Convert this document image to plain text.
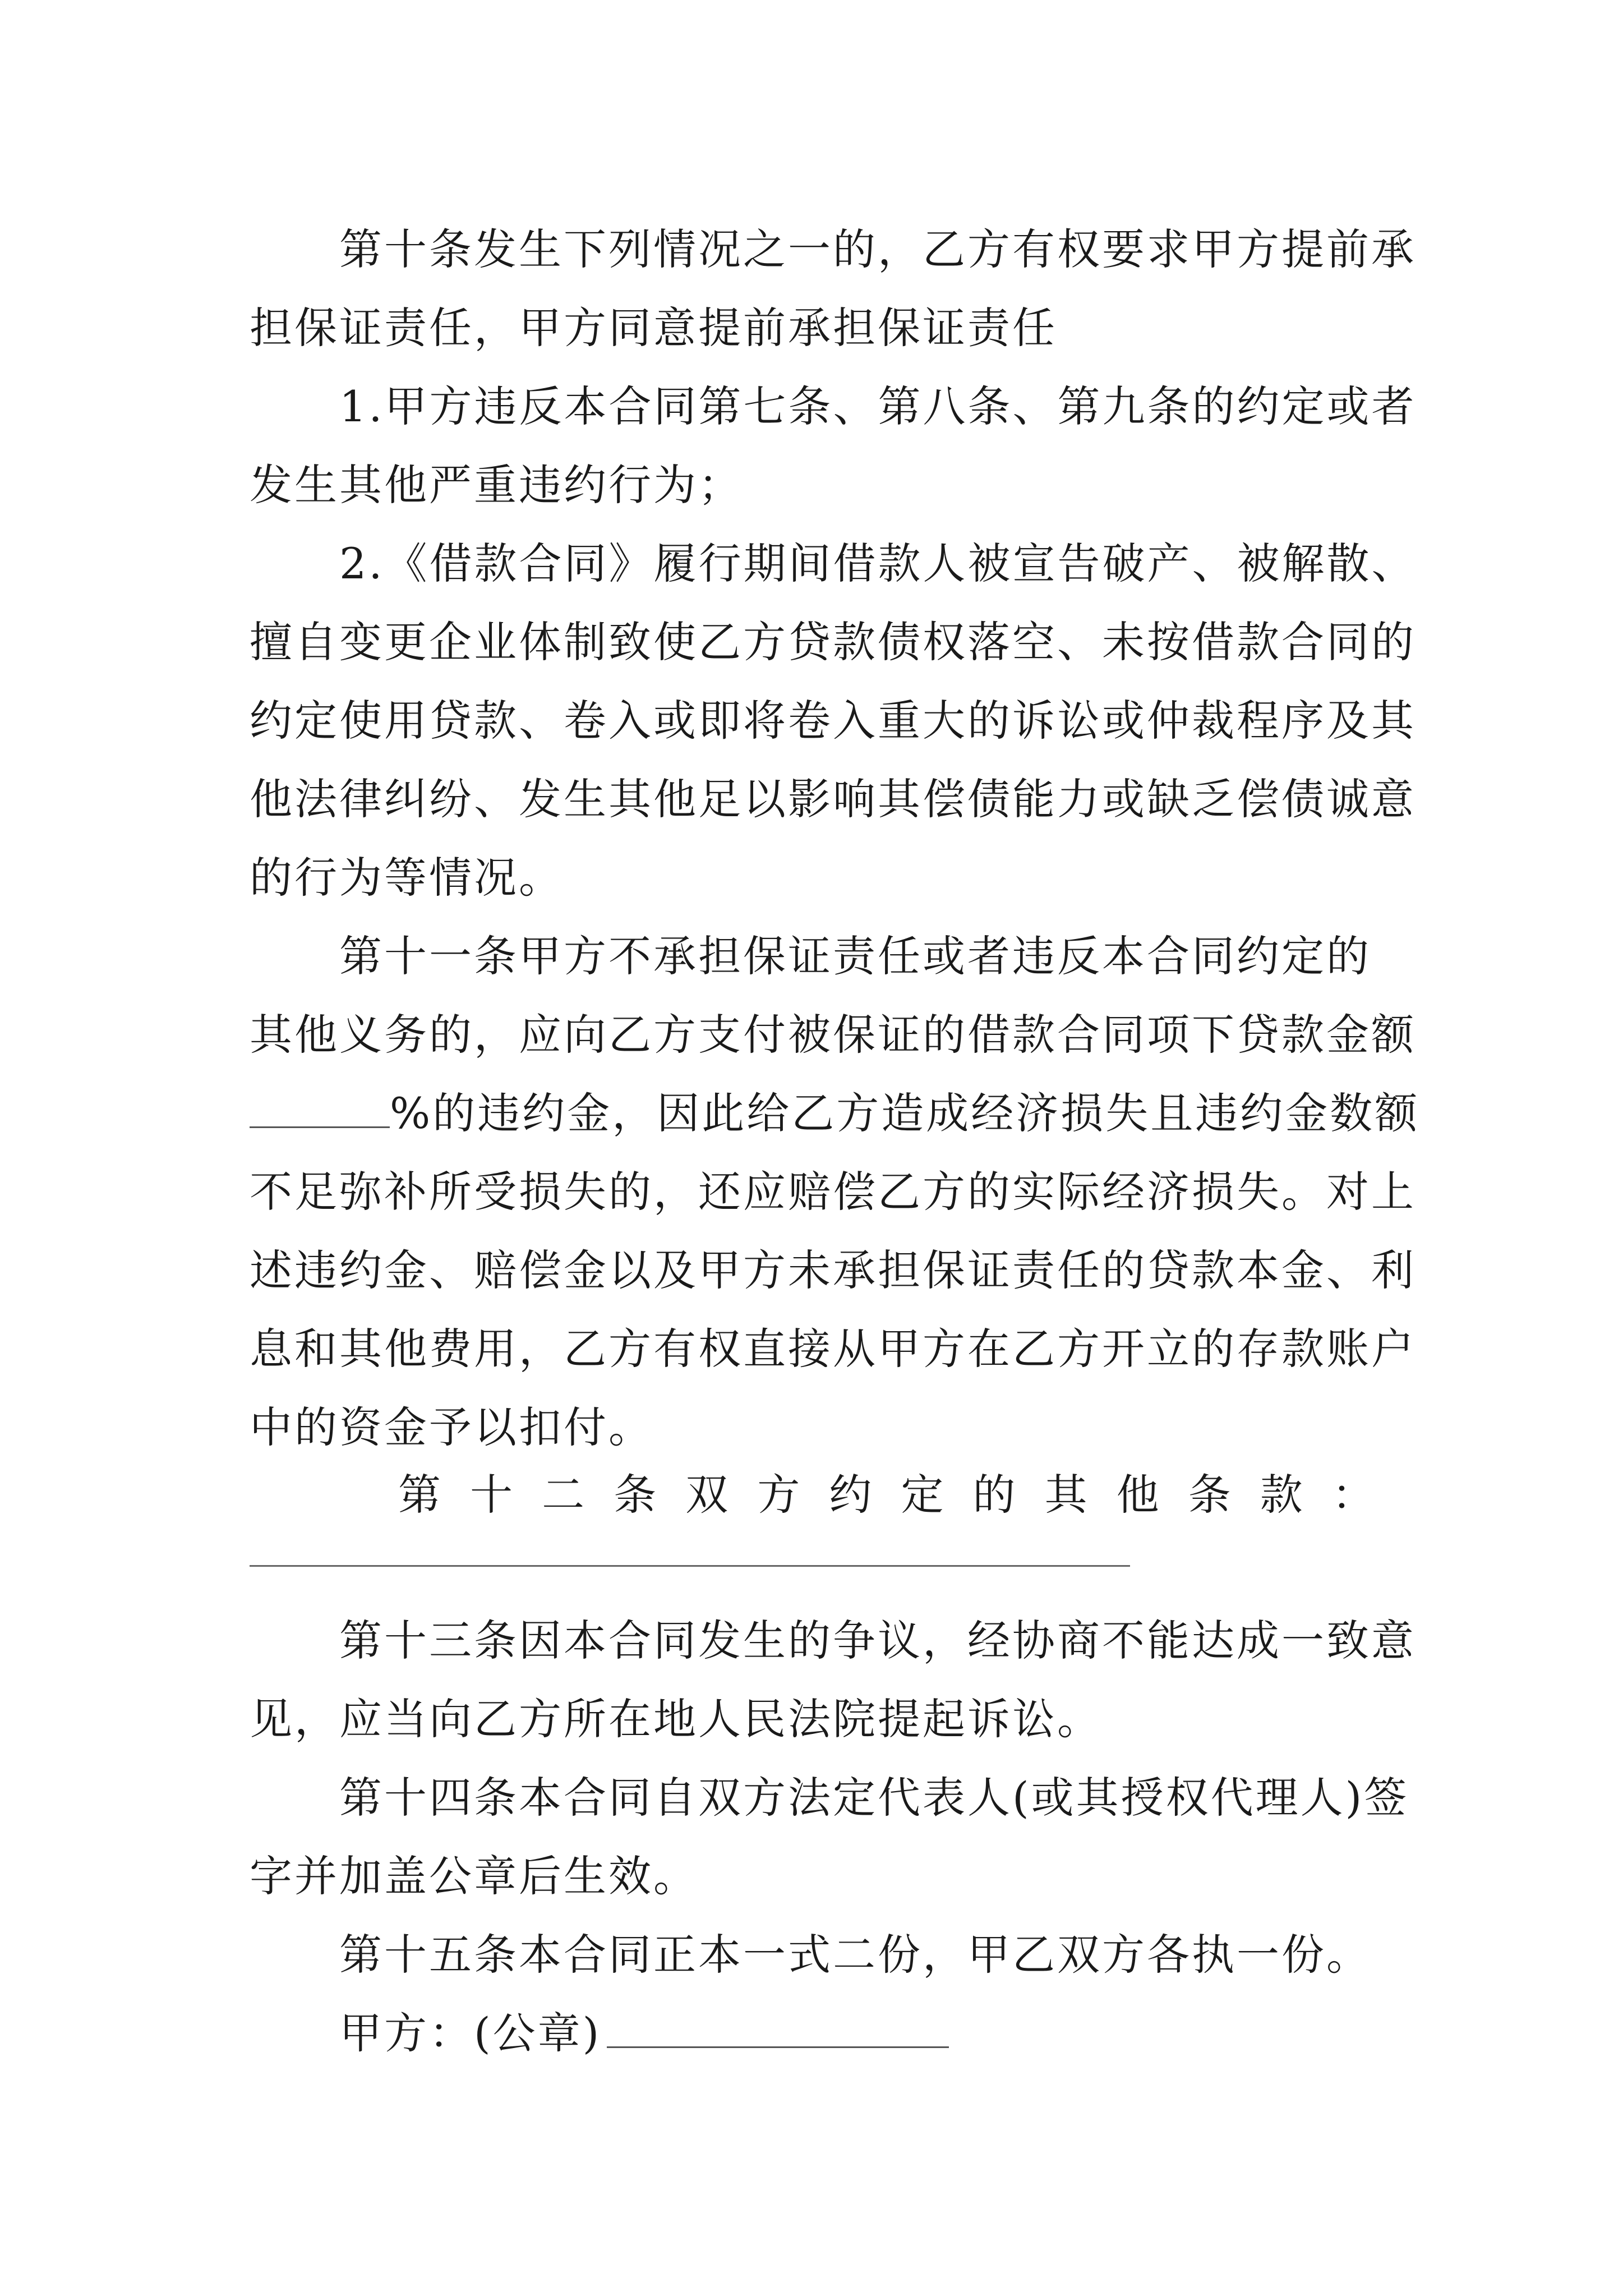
第十条发生下列情况之一的，乙方有权要求甲方提前承
担保证责任，甲方同意提前承担保证责任
1.甲方违反本合同第七条、第八条、第九条的约定或者
发生其他严重违约行为；
2.《借款合同》履行期间借款人被宣告破产、被解散、
擅自变更企业体制致使乙方贷款债权落空、未按借款合同的
约定使用贷款、卷入或即将卷入重大的诉讼或仲裁程序及其
他法律纠纷、发生其他足以影响其偿债能力或缺乏偿债诚意
的行为等情况。
第十一条甲方不承担保证责任或者违反本合同约定的
其他义务的，应向乙方支付被保证的借款合同项下贷款金额
%的违约金，因此给乙方造成经济损失且违约金数额
不足弥补所受损失的，还应赔偿乙方的实际经济损失。对上
述违约金、赔偿金以及甲方未承担保证责任的贷款本金、利
息和其他费用，乙方有权直接从甲方在乙方开立的存款账户
中的资金予以扣付。
第 十 二 条 双 方 约 定 的 其 他 条 款 ：
第十三条因本合同发生的争议，经协商不能达成一致意
见，应当向乙方所在地人民法院提起诉讼。
第十四条本合同自双方法定代表人(或其授权代理人)签
字并加盖公章后生效。
第十五条本合同正本一式二份，甲乙双方各执一份。
甲方：(公章)
